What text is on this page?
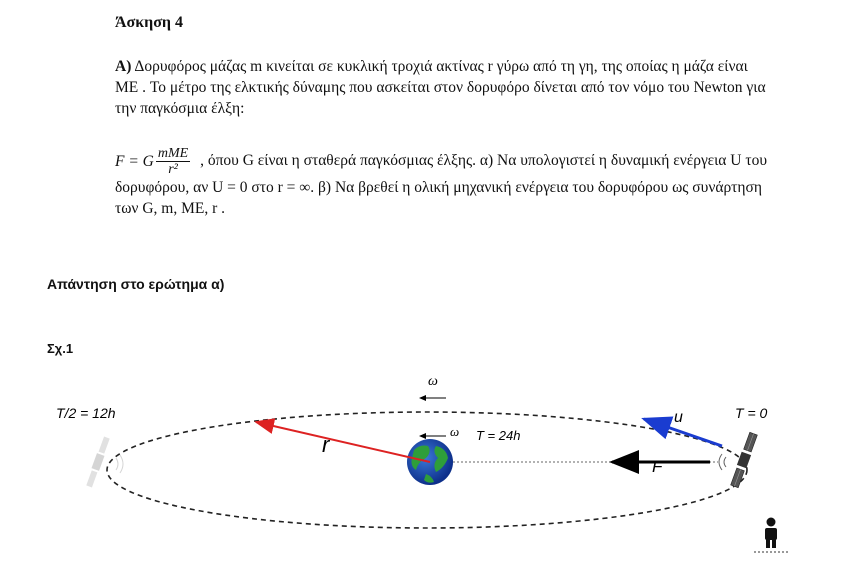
Άσκηση 4
Α) Δορυφόρος μάζας m κινείται σε κυκλική τροχιά ακτίνας r γύρω από τη γη, της οποίας η μάζα είναι ME . Το μέτρο της ελκτικής δύναμης που ασκείται στον δορυφόρο δίνεται από τον νόμο του Newton για την παγκόσμια έλξη:
F = G $\frac{\text{mME}}{\text{r²}}$ , όπου G είναι η σταθερά παγκόσμιας έλξης. α) Να υπολογιστεί η δυναμική ενέργεια U του δορυφόρου, αν U = 0 στο r = ∞. β) Να βρεθεί η ολική μηχανική ενέργεια του δορυφόρου ως συνάρτηση των G, m, ME, r .
Απάντηση στο ερώτημα α)
Σχ.1
r
ω
ω T = 24h
T/2 = 12h	u
F
T = 0
